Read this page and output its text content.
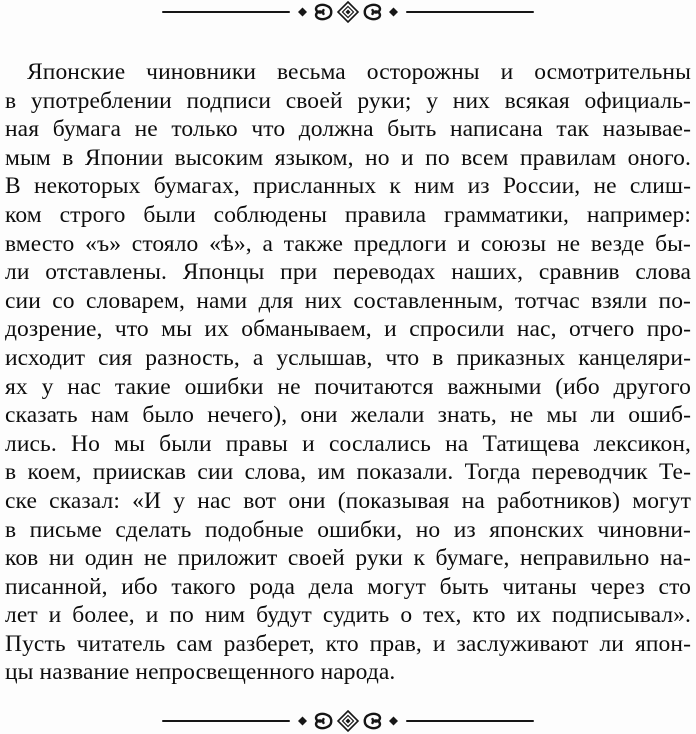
Японские чиновники весьма осторожны и осмотрительны
в употреблении подписи своей руки; у них всякая официаль-
ная бумага не только что должна быть написана так называе-
мым в Японии высоким языком, но и по всем правилам оного.
В некоторых бумагах, присланных к ним из России, не слиш-
ком строго были соблюдены правила грамматики, например:
вместо «ъ» стояло «ѣ», а также предлоги и союзы не везде бы-
ли отставлены. Японцы при переводах наших, сравнив слова
сии со словарем, нами для них составленным, тотчас взяли по-
дозрение, что мы их обманываем, и спросили нас, отчего про-
исходит сия разность, а услышав, что в приказных канцеляри-
ях у нас такие ошибки не почитаются важными (ибо другого
сказать нам было нечего), они желали знать, не мы ли ошиб-
лись. Но мы были правы и сослались на Татищева лексикон,
в коем, приискав сии слова, им показали. Тогда переводчик Те-
ске сказал: «И у нас вот они (показывая на работников) могут
в письме сделать подобные ошибки, но из японских чиновни-
ков ни один не приложит своей руки к бумаге, неправильно на-
писанной, ибо такого рода дела могут быть читаны через сто
лет и более, и по ним будут судить о тех, кто их подписывал».
Пусть читатель сам разберет, кто прав, и заслуживают ли япон-
цы название непросвещенного народа.
